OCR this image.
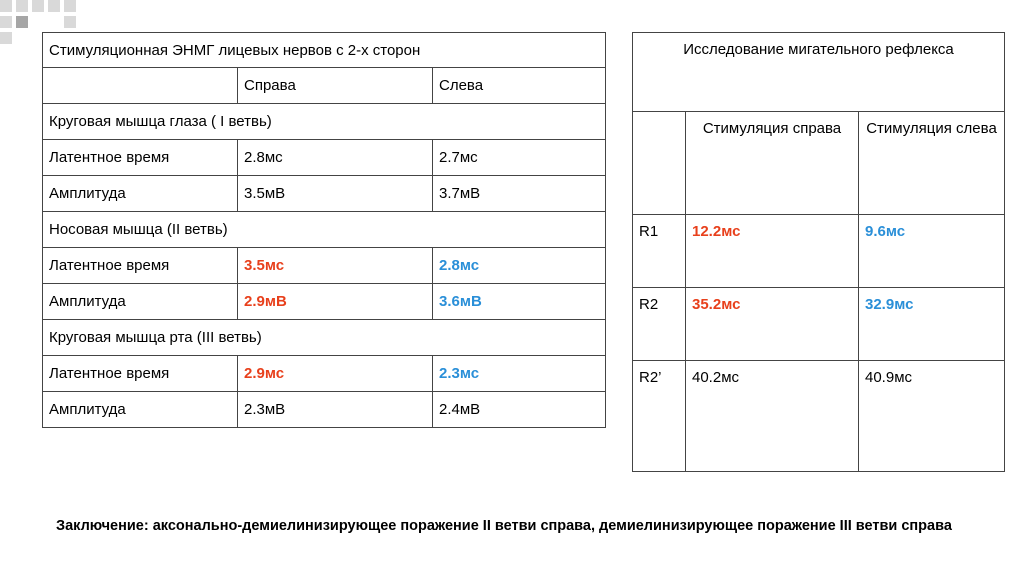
Стимуляционная ЭНМГ лицевых нервов с 2-х сторон		
	Справа	Слева
Круговая мышца глаза ( I ветвь)		
Латентное время	2.8мс	2.7мс
Амплитуда	3.5мВ	3.7мВ
Носовая мышца (II ветвь)		
Латентное время	3.5мс	2.8мс
Амплитуда	2.9мВ	3.6мВ
Круговая мышца рта (III ветвь)		
Латентное время	2.9мс	2.3мс
Амплитуда	2.3мВ	2.4мВ
Исследование мигательного рефлекса		
	Стимуляция справа	Стимуляция слева
R1	12.2мс	9.6мс
R2	35.2мс	32.9мс
R2’	40.2мс	40.9мс
Заключение: аксонально-демиелинизирующее поражение II ветви справа, демиелинизирующее поражение III ветви справа
